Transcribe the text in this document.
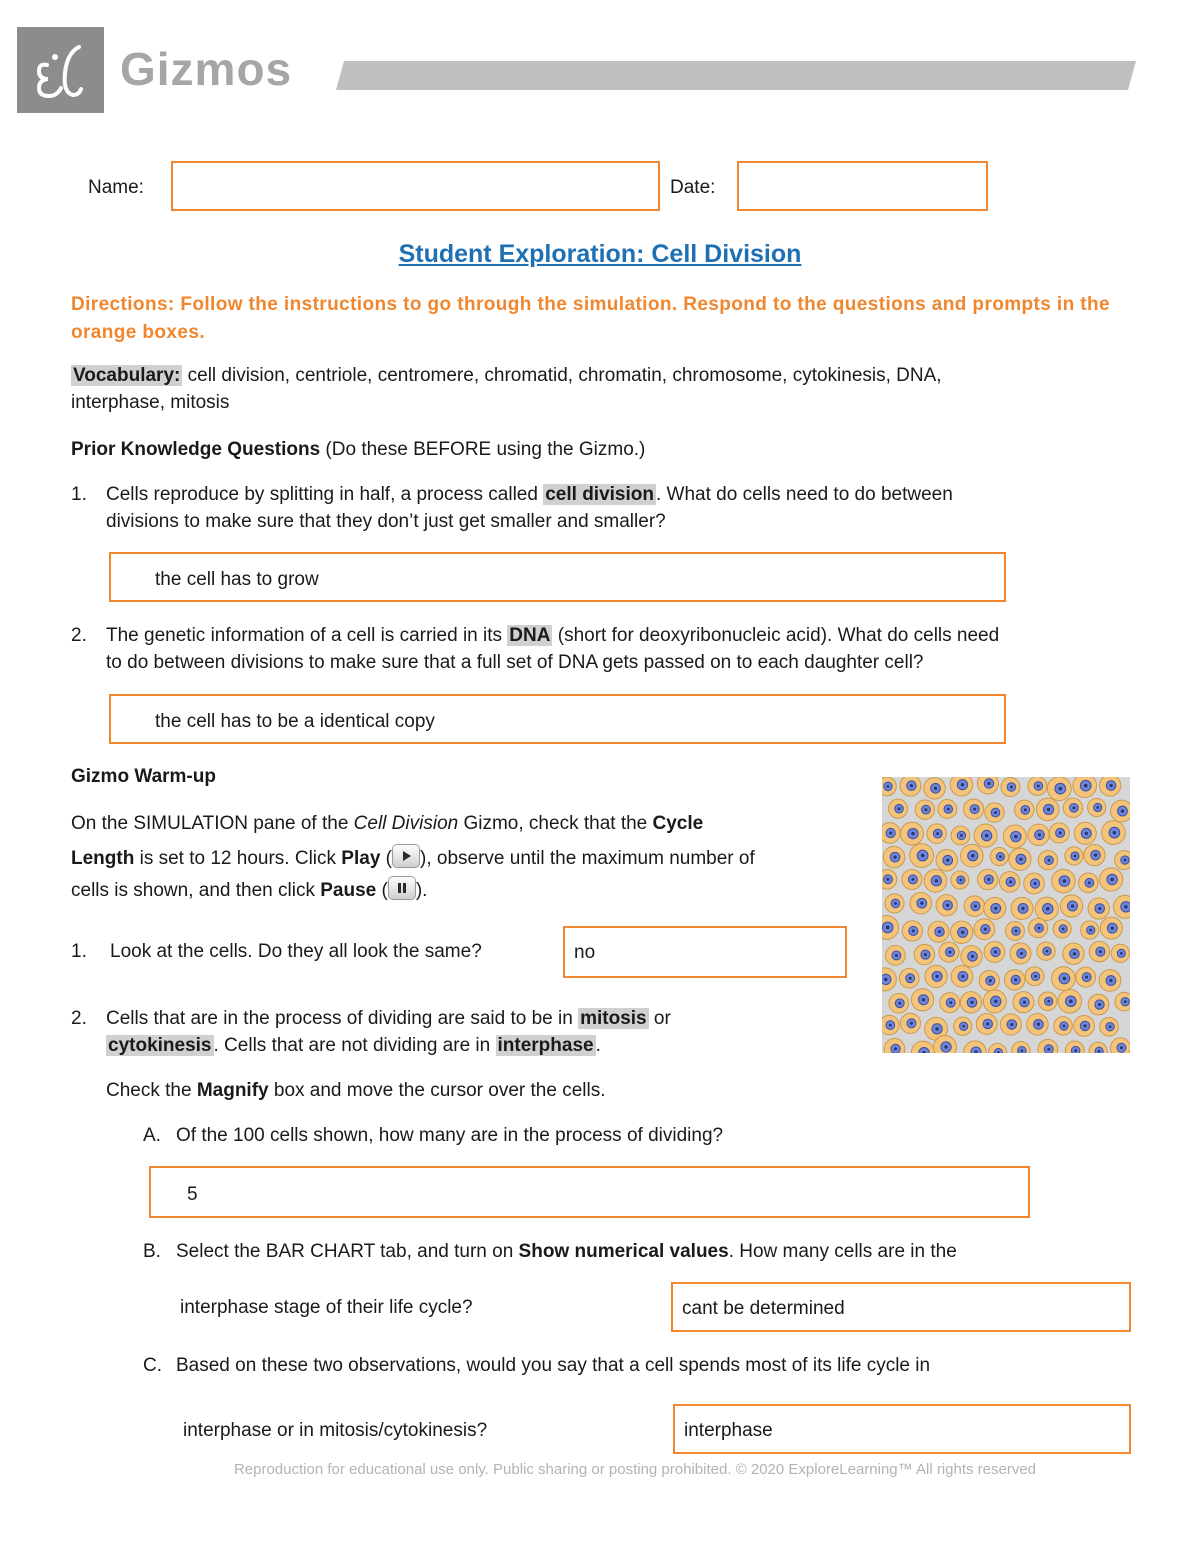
Gizmos
Name:	Date:
Student Exploration: Cell Division
Directions: Follow the instructions to go through the simulation. Respond to the questions and prompts in the orange boxes.
Vocabulary: cell division, centriole, centromere, chromatid, chromatin, chromosome, cytokinesis, DNA,
interphase, mitosis
Prior Knowledge Questions (Do these BEFORE using the Gizmo.)
1. Cells reproduce by splitting in half, a process called cell division . What do cells need to do between
divisions to make sure that they don’t just get smaller and smaller?
the cell has to grow
2. The genetic information of a cell is carried in its DNA (short for deoxyribonucleic acid). What do cells need
to do between divisions to make sure that a full set of DNA gets passed on to each daughter cell?
the cell has to be a identical copy
Gizmo Warm-up
On the SIMULATION pane of the Cell Division Gizmo, check that the Cycle
Length is set to 12 hours. Click Play ( ), observe until the maximum number of
cells is shown, and then click Pause ( ).
1. Look at the cells. Do they all look the same?	no
2. Cells that are in the process of dividing are said to be in mitosis or
cytokinesis . Cells that are not dividing are in interphase .
Check the Magnify box and move the cursor over the cells.
A. Of the 100 cells shown, how many are in the process of dividing?
5
B. Select the BAR CHART tab, and turn on Show numerical values. How many cells are in the
interphase stage of their life cycle?	cant be determined
C. Based on these two observations, would you say that a cell spends most of its life cycle in
interphase or in mitosis/cytokinesis?	interphase
Reproduction for educational use only. Public sharing or posting prohibited. © 2020 ExploreLearning™ All rights reserved
